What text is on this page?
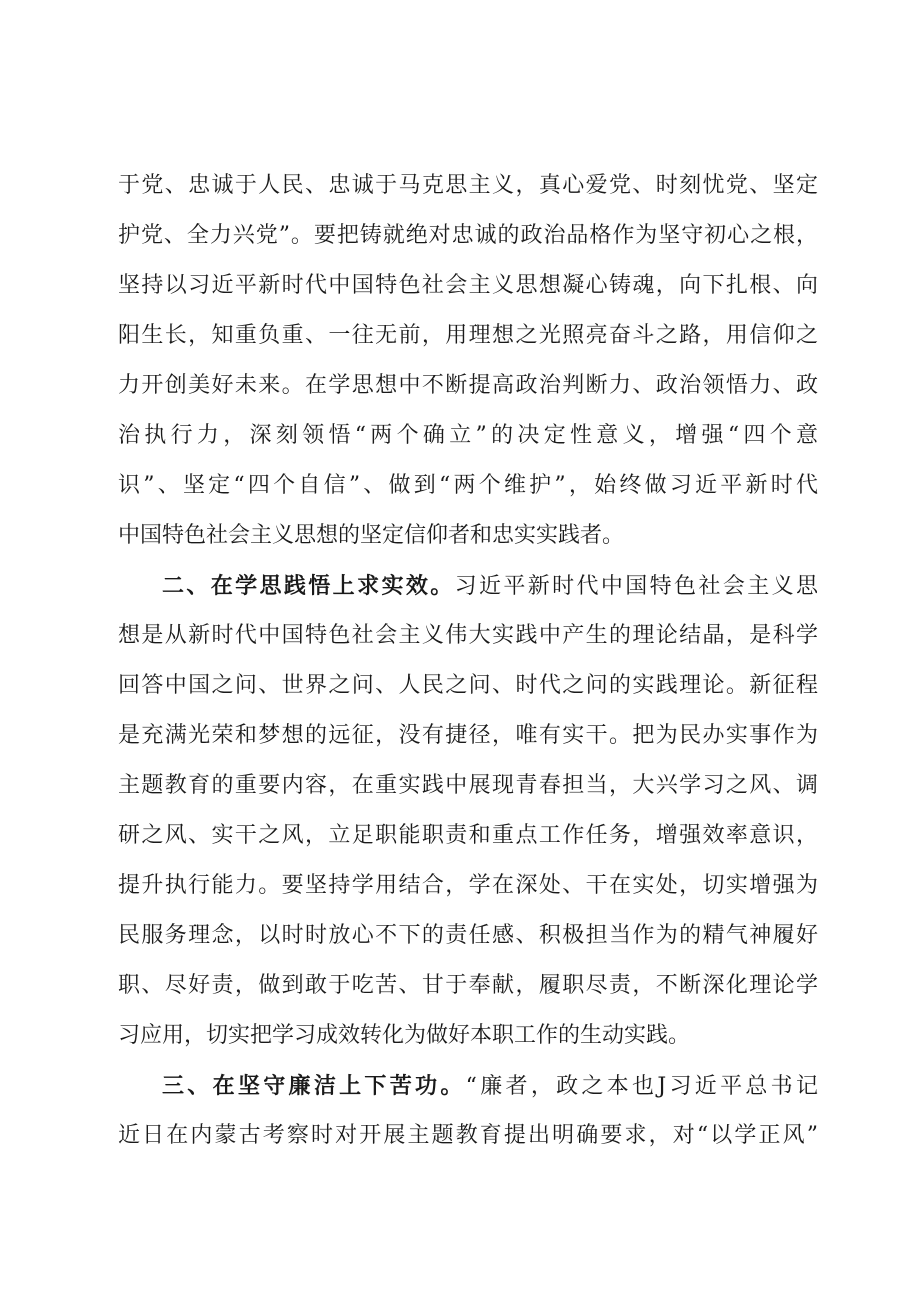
于党、忠诚于人民、忠诚于马克思主义，真心爱党、时刻忧党、坚定
护党、全力兴党”。要把铸就绝对忠诚的政治品格作为坚守初心之根，
坚持以习近平新时代中国特色社会主义思想凝心铸魂，向下扎根、向
阳生长，知重负重、一往无前，用理想之光照亮奋斗之路，用信仰之
力开创美好未来。在学思想中不断提高政治判断力、政治领悟力、政
治执行力，深刻领悟“两个确立”的决定性意义，增强“四个意
识”、坚定“四个自信”、做到“两个维护”，始终做习近平新时代
中国特色社会主义思想的坚定信仰者和忠实实践者。
二、在学思践悟上求实效。习近平新时代中国特色社会主义思
想是从新时代中国特色社会主义伟大实践中产生的理论结晶，是科学
回答中国之问、世界之问、人民之问、时代之问的实践理论。新征程
是充满光荣和梦想的远征，没有捷径，唯有实干。把为民办实事作为
主题教育的重要内容，在重实践中展现青春担当，大兴学习之风、调
研之风、实干之风，立足职能职责和重点工作任务，增强效率意识，
提升执行能力。要坚持学用结合，学在深处、干在实处，切实增强为
民服务理念，以时时放心不下的责任感、积极担当作为的精气神履好
职、尽好责，做到敢于吃苦、甘于奉献，履职尽责，不断深化理论学
习应用，切实把学习成效转化为做好本职工作的生动实践。
三、在坚守廉洁上下苦功。“廉者，政之本也J习近平总书记
近日在内蒙古考察时对开展主题教育提出明确要求，对“以学正风”
